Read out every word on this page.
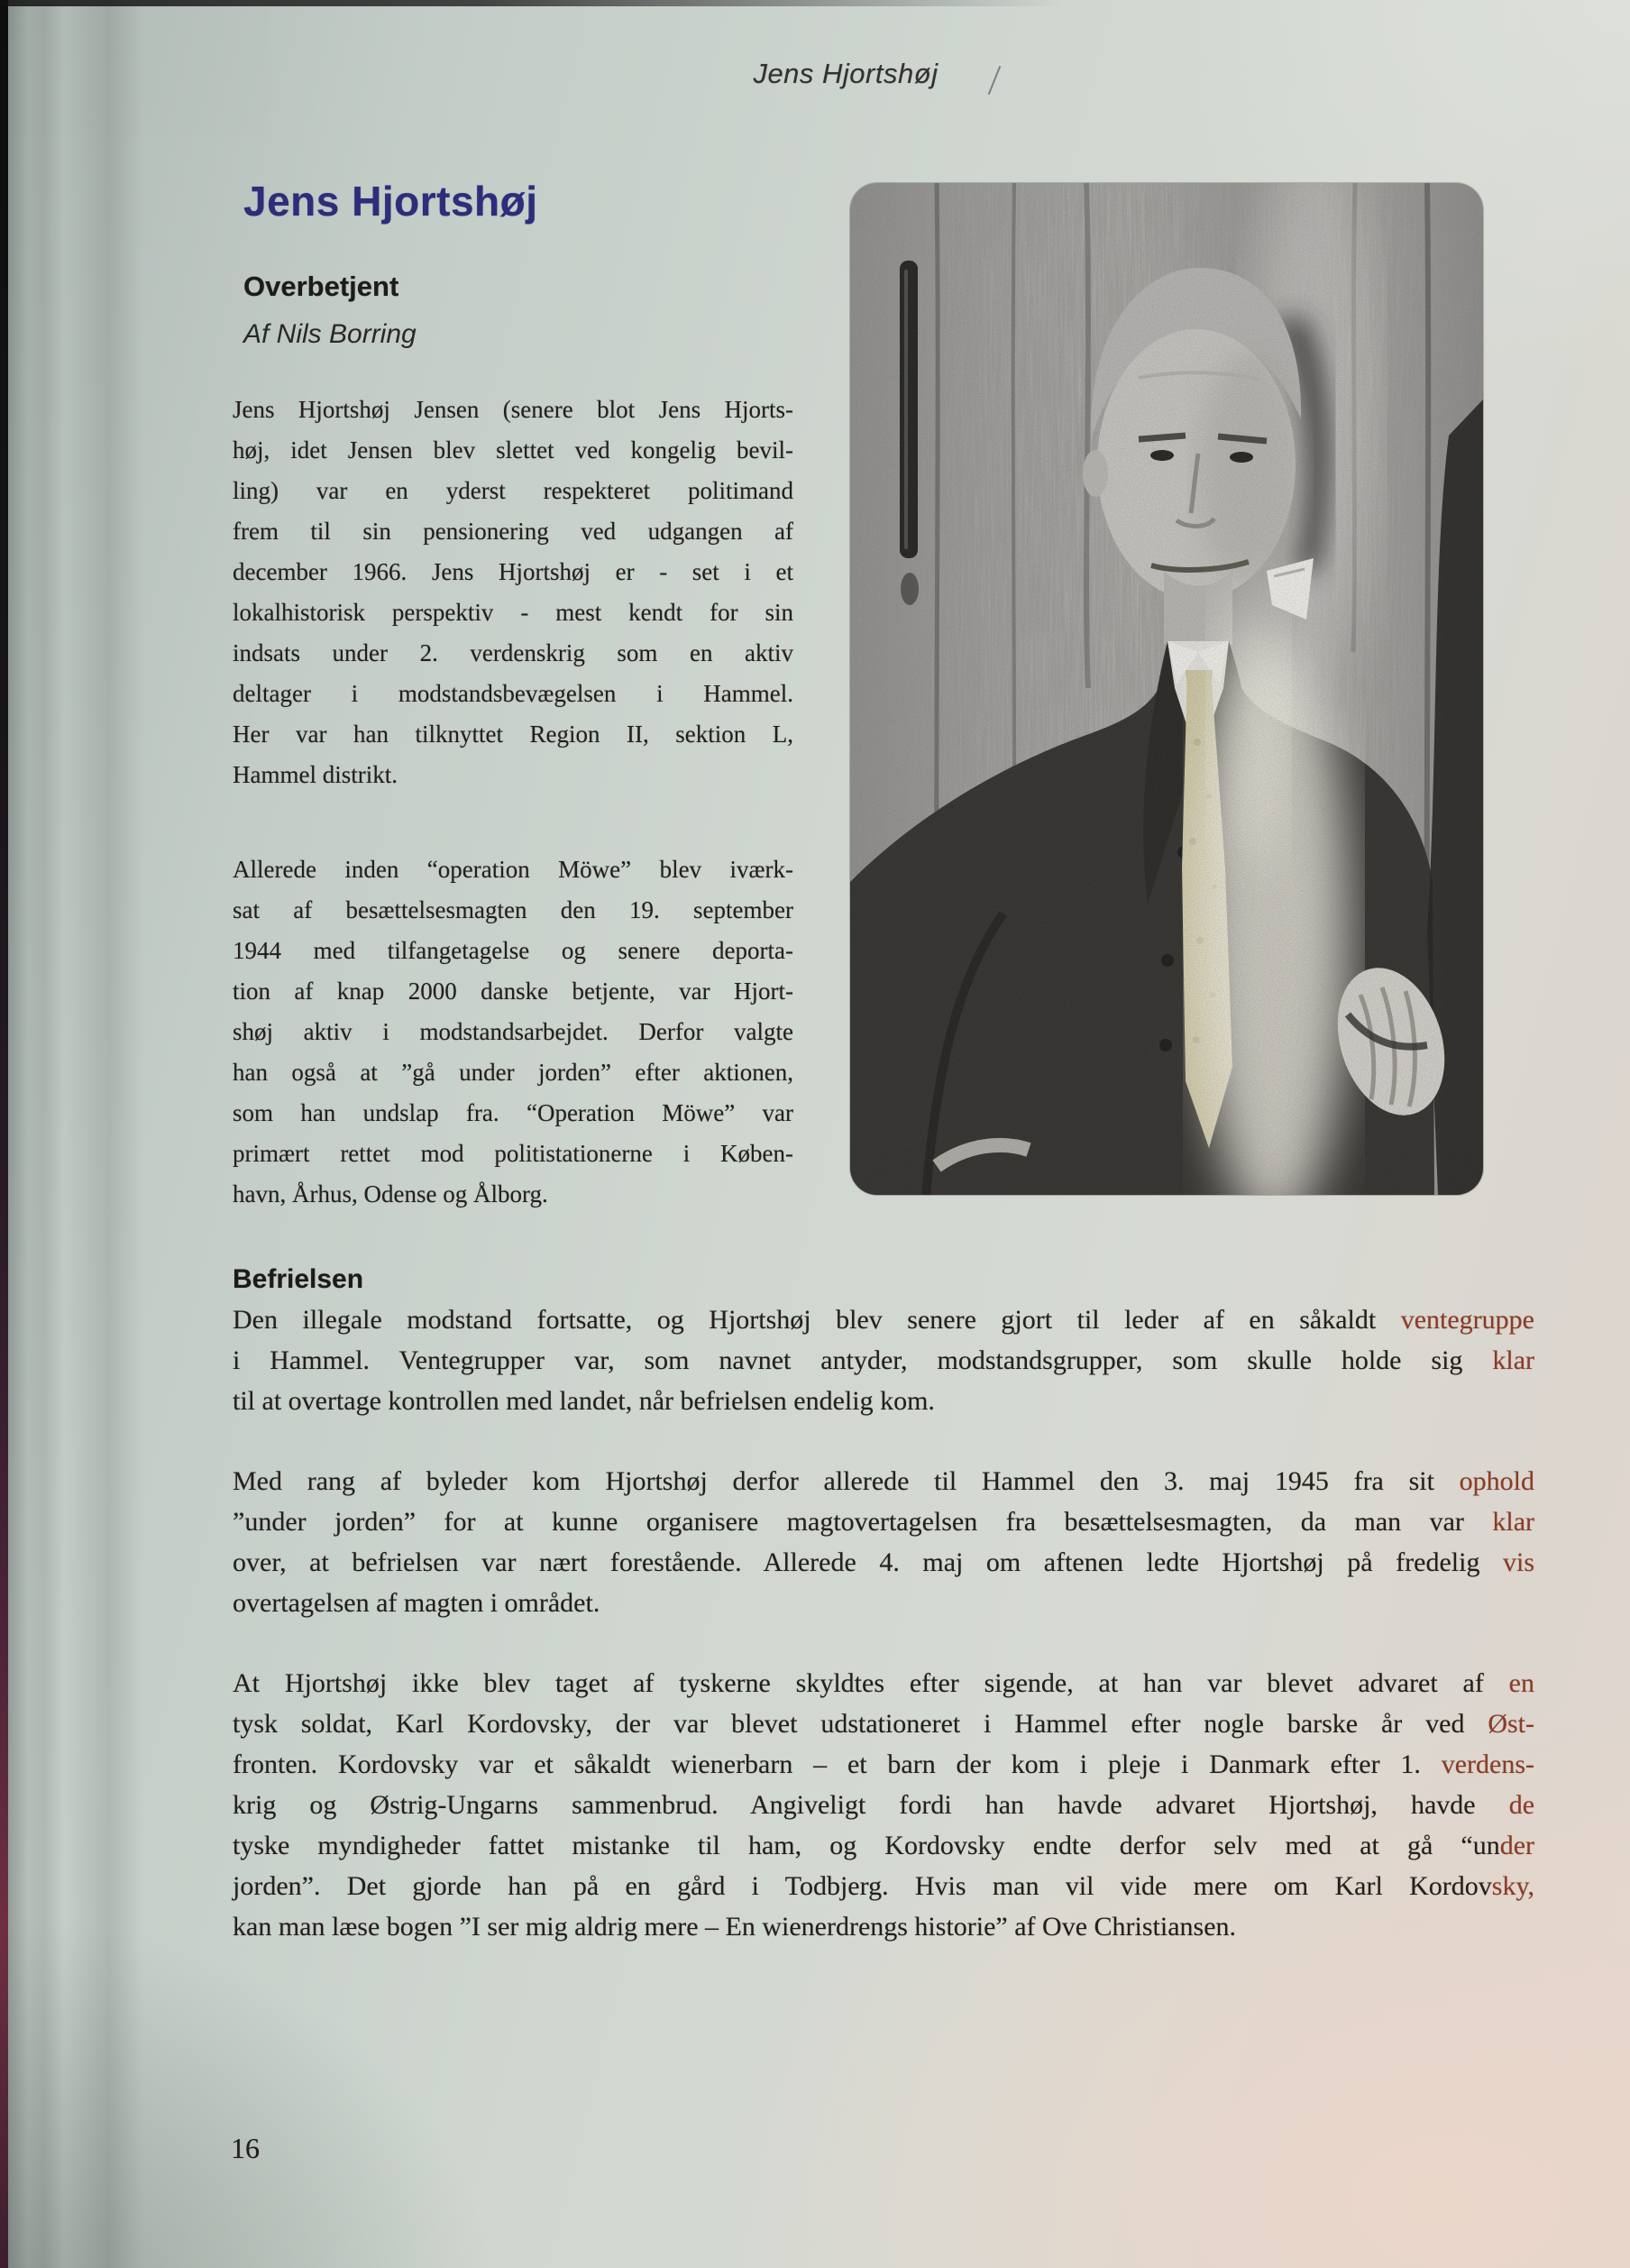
Jens Hjortshøj
Jens Hjortshøj
Overbetjent
Af Nils Borring
Jens Hjortshøj Jensen (senere blot Jens Hjorts-
høj, idet Jensen blev slettet ved kongelig bevil-
ling) var en yderst respekteret politimand
frem til sin pensionering ved udgangen af
december 1966. Jens Hjortshøj er - set i et
lokalhistorisk perspektiv - mest kendt for sin
indsats under 2. verdenskrig som en aktiv
deltager i modstandsbevægelsen i Hammel.
Her var han tilknyttet Region II, sektion L,
Hammel distrikt.
Allerede inden “operation Möwe” blev iværk-
sat af besættelsesmagten den 19. september
1944 med tilfangetagelse og senere deporta-
tion af knap 2000 danske betjente, var Hjort-
shøj aktiv i modstandsarbejdet. Derfor valgte
han også at ”gå under jorden” efter aktionen,
som han undslap fra. “Operation Möwe” var
primært rettet mod politistationerne i Køben-
havn, Århus, Odense og Ålborg.
Befrielsen
Den illegale modstand fortsatte, og Hjortshøj blev senere gjort til leder af en såkaldt ventegruppe
i Hammel. Ventegrupper var, som navnet antyder, modstandsgrupper, som skulle holde sig klar
til at overtage kontrollen med landet, når befrielsen endelig kom.
Med rang af byleder kom Hjortshøj derfor allerede til Hammel den 3. maj 1945 fra sit ophold
”under jorden” for at kunne organisere magtovertagelsen fra besættelsesmagten, da man var klar
over, at befrielsen var nært forestående. Allerede 4. maj om aftenen ledte Hjortshøj på fredelig vis
overtagelsen af magten i området.
At Hjortshøj ikke blev taget af tyskerne skyldtes efter sigende, at han var blevet advaret af en
tysk soldat, Karl Kordovsky, der var blevet udstationeret i Hammel efter nogle barske år ved Øst-
fronten. Kordovsky var et såkaldt wienerbarn – et barn der kom i pleje i Danmark efter 1. verdens-
krig og Østrig-Ungarns sammenbrud. Angiveligt fordi han havde advaret Hjortshøj, havde de
tyske myndigheder fattet mistanke til ham, og Kordovsky endte derfor selv med at gå “under
jorden”. Det gjorde han på en gård i Todbjerg. Hvis man vil vide mere om Karl Kordovsky,
kan man læse bogen ”I ser mig aldrig mere – En wienerdrengs historie” af Ove Christiansen.
16
